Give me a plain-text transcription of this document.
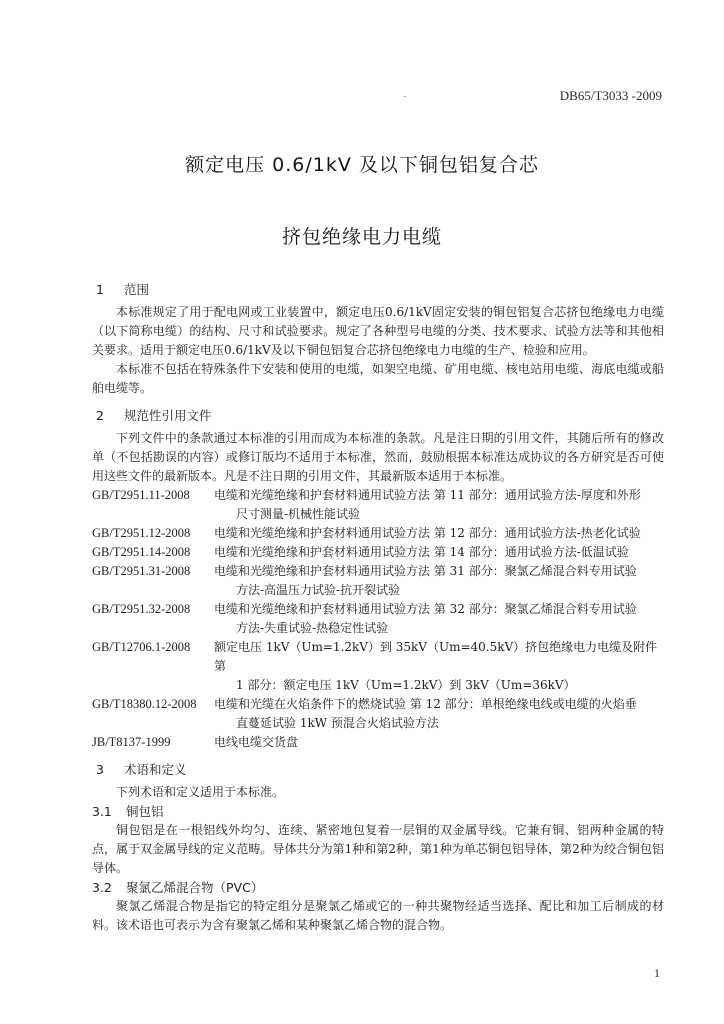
DB65/T3033 -2009
额定电压 0.6/1kV 及以下铜包铝复合芯
挤包绝缘电力电缆
1 范围

本标准规定了用于配电网或工业装置中，额定电压0.6/1kV固定安装的铜包铝复合芯挤包绝缘电力电缆（以下简称电缆）的结构、尺寸和试验要求。规定了各种型号电缆的分类、技术要求、试验方法等和其他相关要求。适用于额定电压0.6/1kV及以下铜包铝复合芯挤包绝缘电力电缆的生产、检验和应用。

本标准不包括在特殊条件下安装和使用的电缆，如架空电缆、矿用电缆、核电站用电缆、海底电缆或船舶电缆等。

2 规范性引用文件

下列文件中的条款通过本标准的引用而成为本标准的条款。凡是注日期的引用文件，其随后所有的修改单（不包括勘误的内容）或修订版均不适用于本标准，然而，鼓励根据本标准达成协议的各方研究是否可使用这些文件的最新版本。凡是不注日期的引用文件，其最新版本适用于本标准。

GB/T2951.11-2008	电缆和光缆绝缘和护套材料通用试验方法 第 11 部分：通用试验方法-厚度和外形
尺寸测量-机械性能试验
GB/T2951.12-2008	电缆和光缆绝缘和护套材料通用试验方法 第 12 部分：通用试验方法-热老化试验
GB/T2951.14-2008	电缆和光缆绝缘和护套材料通用试验方法 第 14 部分：通用试验方法-低温试验
GB/T2951.31-2008	电缆和光缆绝缘和护套材料通用试验方法 第 31 部分：聚氯乙烯混合料专用试验
方法-高温压力试验-抗开裂试验
GB/T2951.32-2008	电缆和光缆绝缘和护套材料通用试验方法 第 32 部分：聚氯乙烯混合料专用试验
方法-失重试验-热稳定性试验
GB/T12706.1-2008	额定电压 1kV（Um=1.2kV）到 35kV（Um=40.5kV）挤包绝缘电力电缆及附件 第
1 部分：额定电压 1kV（Um=1.2kV）到 3kV（Um=36kV）
GB/T18380.12-2008	电缆和光缆在火焰条件下的燃烧试验 第 12 部分：单根绝缘电线或电缆的火焰垂
直蔓延试验 1kW 预混合火焰试验方法
JB/T8137-1999	电线电缆交货盘
3 术语和定义

下列术语和定义适用于本标准。

3.1 铜包铝

铜包铝是在一根铝线外均匀、连续、紧密地包复着一层铜的双金属导线。它兼有铜、铝两种金属的特点，属于双金属导线的定义范畴。导体共分为第1种和第2种，第1种为单芯铜包铝导体，第2种为绞合铜包铝导体。

3.2 聚氯乙烯混合物（PVC）

聚氯乙烯混合物是指它的特定组分是聚氯乙烯或它的一种共聚物经适当选择、配比和加工后制成的材料。该术语也可表示为含有聚氯乙烯和某种聚氯乙烯合物的混合物。

1
